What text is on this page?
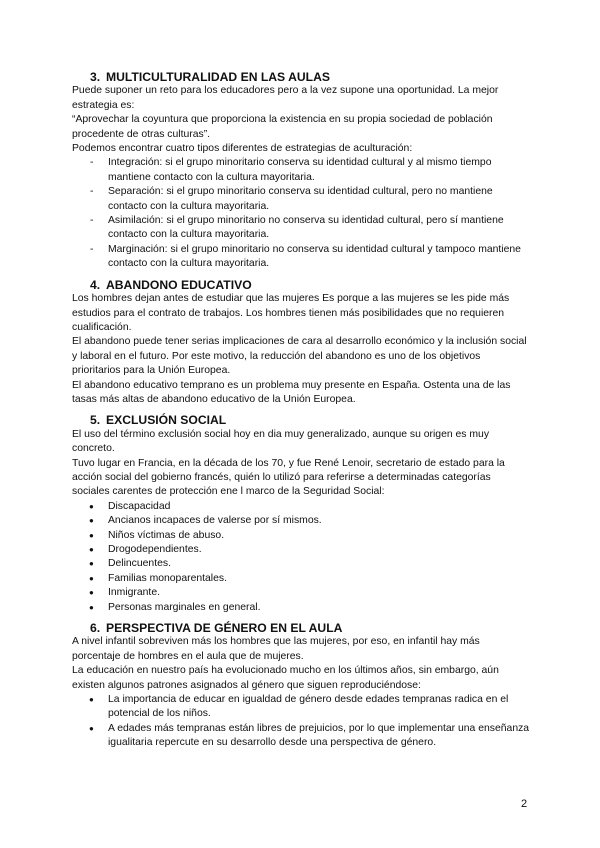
3. MULTICULTURALIDAD EN LAS AULAS

Puede suponer un reto para los educadores pero a la vez supone una oportunidad. La mejor estrategia es:

“Aprovechar la coyuntura que proporciona la existencia en su propia sociedad de población procedente de otras culturas”.

Podemos encontrar cuatro tipos diferentes de estrategias de aculturación:

- Integración: si el grupo minoritario conserva su identidad cultural y al mismo tiempo mantiene contacto con la cultura mayoritaria.
- Separación: si el grupo minoritario conserva su identidad cultural, pero no mantiene contacto con la cultura mayoritaria.
- Asimilación: si el grupo minoritario no conserva su identidad cultural, pero sí mantiene contacto con la cultura mayoritaria.
- Marginación: si el grupo minoritario no conserva su identidad cultural y tampoco mantiene contacto con la cultura mayoritaria.
4. ABANDONO EDUCATIVO

Los hombres dejan antes de estudiar que las mujeres Es porque a las mujeres se les pide más estudios para el contrato de trabajos. Los hombres tienen más posibilidades que no requieren cualificación.

El abandono puede tener serias implicaciones de cara al desarrollo económico y la inclusión social y laboral en el futuro. Por este motivo, la reducción del abandono es uno de los objetivos prioritarios para la Unión Europea.

El abandono educativo temprano es un problema muy presente en España. Ostenta una de las tasas más altas de abandono educativo de la Unión Europea.

5. EXCLUSIÓN SOCIAL

El uso del término exclusión social hoy en dia muy generalizado, aunque su origen es muy concreto.

Tuvo lugar en Francia, en la década de los 70, y fue René Lenoir, secretario de estado para la acción social del gobierno francés, quién lo utilizó para referirse a determinadas categorías sociales carentes de protección ene l marco de la Seguridad Social:

● Discapacidad
● Ancianos incapaces de valerse por sí mismos.
● Niños víctimas de abuso.
● Drogodependientes.
● Delincuentes.
● Familias monoparentales.
● Inmigrante.
● Personas marginales en general.
6. PERSPECTIVA DE GÉNERO EN EL AULA

A nivel infantil sobreviven más los hombres que las mujeres, por eso, en infantil hay más porcentaje de hombres en el aula que de mujeres.

La educación en nuestro país ha evolucionado mucho en los últimos años, sin embargo, aún existen algunos patrones asignados al género que siguen reproduciéndose:

● La importancia de educar en igualdad de género desde edades tempranas radica en el potencial de los niños.
● A edades más tempranas están libres de prejuicios, por lo que implementar una enseñanza igualitaria repercute en su desarrollo desde una perspectiva de género.
2
